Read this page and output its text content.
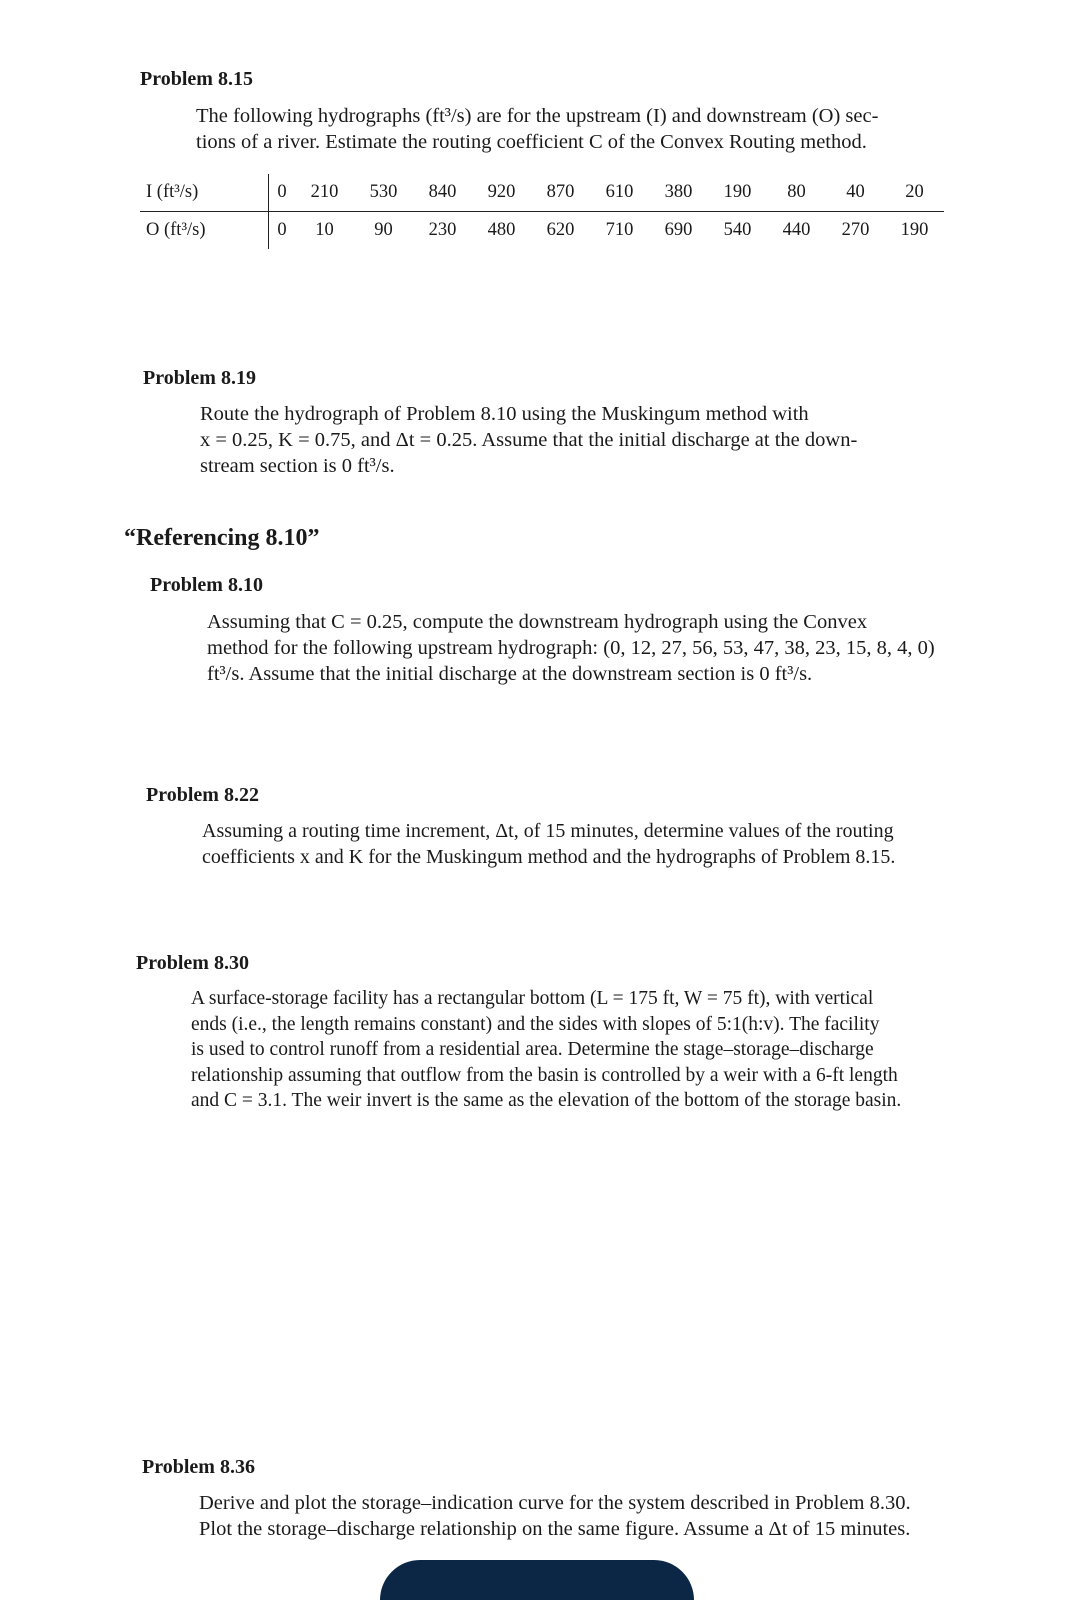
Problem 8.15
The following hydrographs (ft³/s) are for the upstream (I) and downstream (O) sec-
tions of a river. Estimate the routing coefficient C of the Convex Routing method.
I (ft³/s)	0	210	530	840	920	870	610	380	190	80	40	20
O (ft³/s)	0	10	90	230	480	620	710	690	540	440	270	190
Problem 8.19
Route the hydrograph of Problem 8.10 using the Muskingum method with
x = 0.25, K = 0.75, and Δt = 0.25. Assume that the initial discharge at the down-
stream section is 0 ft³/s.
“Referencing 8.10”
Problem 8.10
Assuming that C = 0.25, compute the downstream hydrograph using the Convex
method for the following upstream hydrograph: (0, 12, 27, 56, 53, 47, 38, 23, 15, 8, 4, 0)
ft³/s. Assume that the initial discharge at the downstream section is 0 ft³/s.
Problem 8.22
Assuming a routing time increment, Δt, of 15 minutes, determine values of the routing
coefficients x and K for the Muskingum method and the hydrographs of Problem 8.15.
Problem 8.30
A surface-storage facility has a rectangular bottom (L = 175 ft, W = 75 ft), with vertical
ends (i.e., the length remains constant) and the sides with slopes of 5:1(h:v). The facility
is used to control runoff from a residential area. Determine the stage–storage–discharge
relationship assuming that outflow from the basin is controlled by a weir with a 6-ft length
and C = 3.1. The weir invert is the same as the elevation of the bottom of the storage basin.
Problem 8.36
Derive and plot the storage–indication curve for the system described in Problem 8.30.
Plot the storage–discharge relationship on the same figure. Assume a Δt of 15 minutes.
